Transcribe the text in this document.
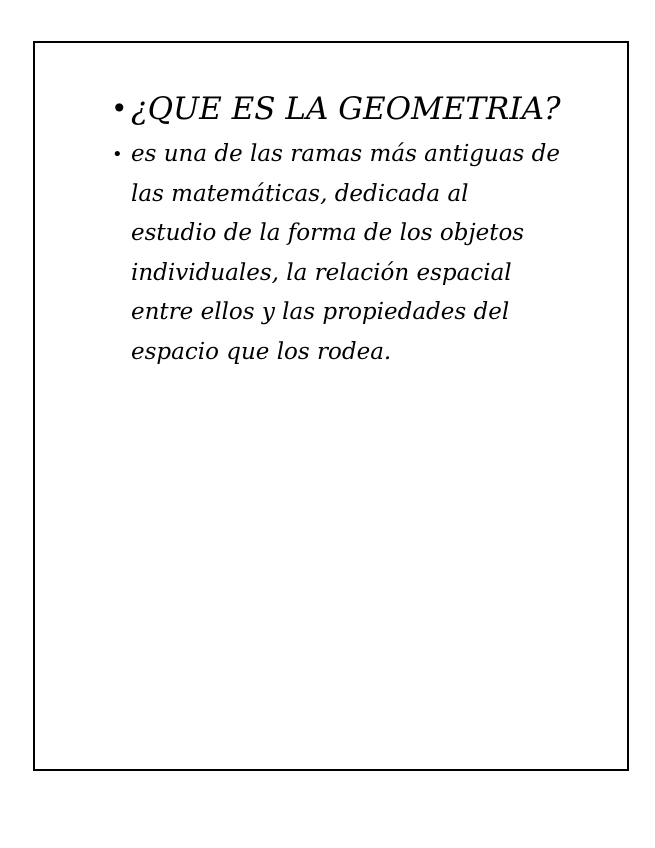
• ¿QUE ES LA GEOMETRIA?
• es una de las ramas más antiguas de las matemáticas, dedicada al estudio de la forma de los objetos individuales, la relación espacial entre ellos y las propiedades del espacio que los rodea.
